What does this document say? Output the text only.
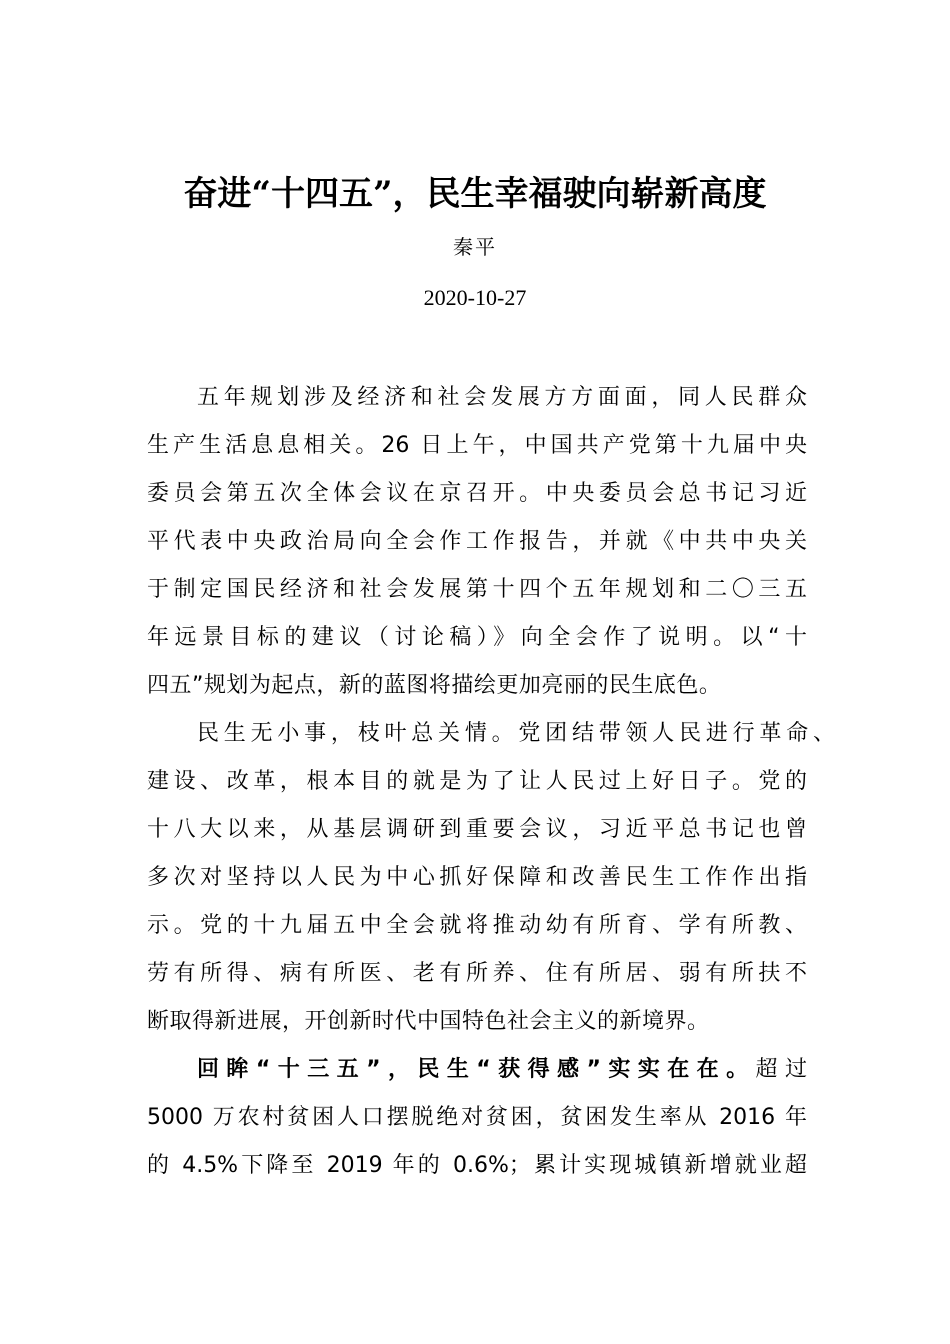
奋进“十四五”，民生幸福驶向崭新高度
秦平
2020-10-27
五年规划涉及经济和社会发展方方面面，同人民群众
生产生活息息相关。26 日上午，中国共产党第十九届中央
委员会第五次全体会议在京召开。中央委员会总书记习近
平代表中央政治局向全会作工作报告，并就《中共中央关
于制定国民经济和社会发展第十四个五年规划和二〇三五
年远景目标的建议（讨论稿）》向全会作了说明。以“十
四五”规划为起点，新的蓝图将描绘更加亮丽的民生底色。
民生无小事，枝叶总关情。党团结带领人民进行革命、
建设、改革，根本目的就是为了让人民过上好日子。党的
十八大以来，从基层调研到重要会议，习近平总书记也曾
多次对坚持以人民为中心抓好保障和改善民生工作作出指
示。党的十九届五中全会就将推动幼有所育、学有所教、
劳有所得、病有所医、老有所养、住有所居、弱有所扶不
断取得新进展，开创新时代中国特色社会主义的新境界。
回眸“十三五”，民生“获得感”实实在在。超过
5000 万农村贫困人口摆脱绝对贫困，贫困发生率从 2016 年
的 4.5%下降至 2019 年的 0.6%；累计实现城镇新增就业超
